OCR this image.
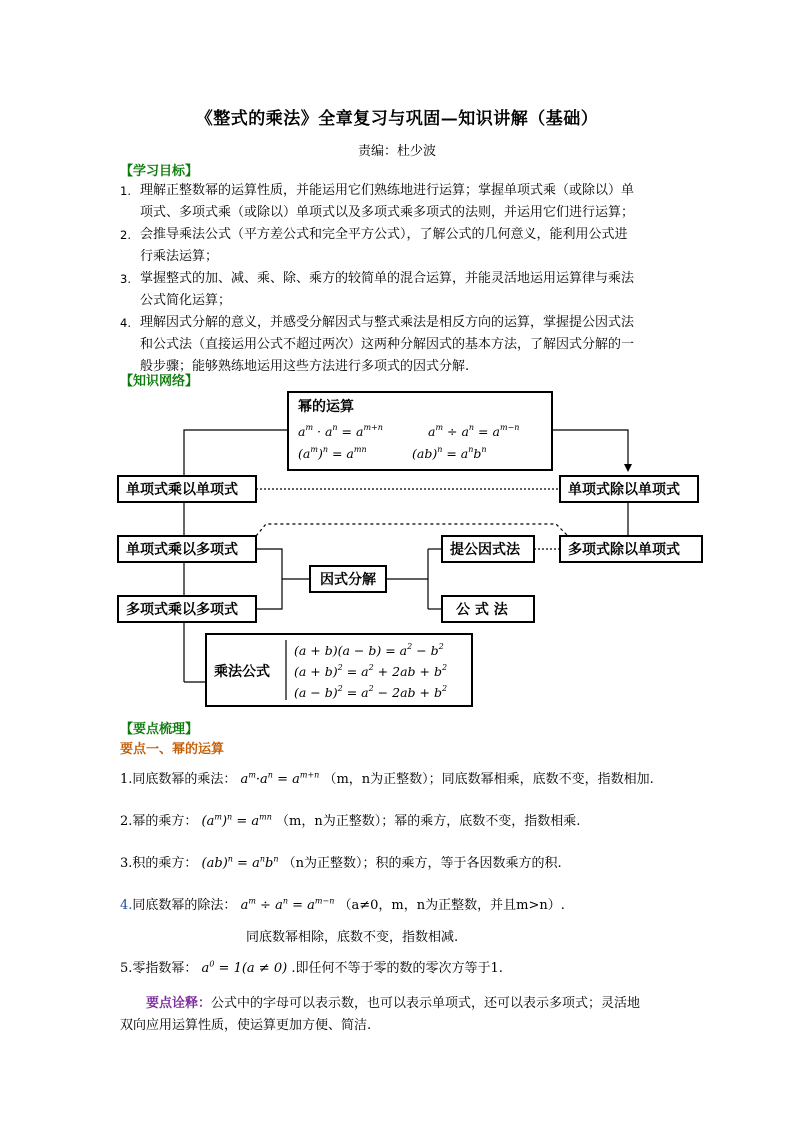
《整式的乘法》全章复习与巩固—知识讲解（基础）
责编：杜少波
【学习目标】
1. 理解正整数幂的运算性质，并能运用它们熟练地进行运算；掌握单项式乘（或除以）单
项式、多项式乘（或除以）单项式以及多项式乘多项式的法则，并运用它们进行运算；
2. 会推导乘法公式（平方差公式和完全平方公式），了解公式的几何意义，能利用公式进
行乘法运算；
3. 掌握整式的加、减、乘、除、乘方的较简单的混合运算，并能灵活地运用运算律与乘法
公式简化运算；
4. 理解因式分解的意义，并感受分解因式与整式乘法是相反方向的运算，掌握提公因式法
和公式法（直接运用公式不超过两次）这两种分解因式的基本方法，了解因式分解的一
般步骤；能够熟练地运用这些方法进行多项式的因式分解.
【知识网络】
幂的运算
$a^m \cdot a^n = a^{m+n}$	$a^m \div a^n = a^{m-n}$
$(a^m)^n = a^{mn}$	$(ab)^n = a^nb^n$
单项式乘以单项式	单项式除以单项式
单项式乘以多项式	多项式除以单项式
多项式乘以多项式
因式分解
提公因式法
公 式 法
乘法公式
$(a + b)(a - b) = a^2 - b^2$
$(a + b)^2 = a^2 + 2ab + b^2$
$(a - b)^2 = a^2 - 2ab + b^2$
【要点梳理】
要点一、幂的运算
1.同底数幂的乘法： $a^m\cdot a^n = a^{m+n}$ （m，n为正整数）；同底数幂相乘，底数不变，指数相加.
2.幂的乘方： $(a^m)^n = a^{mn}$ （m，n为正整数）；幂的乘方，底数不变，指数相乘.
3.积的乘方： $(ab)^n = a^nb^n$ （n为正整数）；积的乘方，等于各因数乘方的积.
4.同底数幂的除法： $a^m \div a^n = a^{m-n}$ （a≠0，m，n为正整数，并且m>n）.
同底数幂相除，底数不变，指数相减.
5.零指数幂： $a^0 = 1(a \ne 0)$ .即任何不等于零的数的零次方等于1.
要点诠释：公式中的字母可以表示数，也可以表示单项式，还可以表示多项式；灵活地
双向应用运算性质，使运算更加方便、简洁.
